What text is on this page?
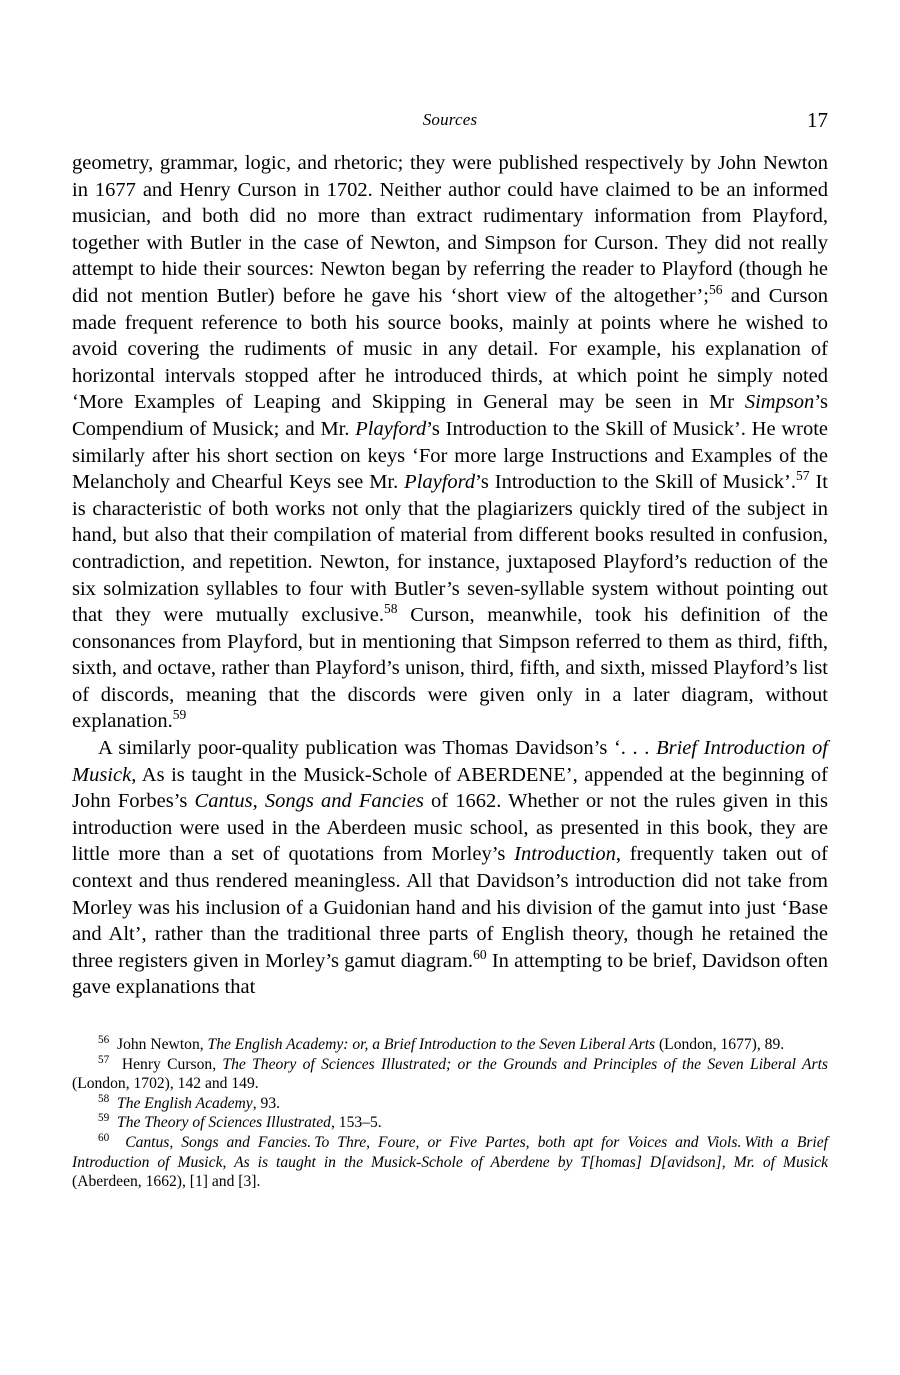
Sources	17

geometry, grammar, logic, and rhetoric; they were published respectively by John Newton in 1677 and Henry Curson in 1702. Neither author could have claimed to be an informed musician, and both did no more than extract rudimentary information from Playford, together with Butler in the case of Newton, and Simpson for Curson. They did not really attempt to hide their sources: Newton began by referring the reader to Playford (though he did not mention Butler) before he gave his ‘short view of the altogether’;$^{56}$ and Curson made frequent reference to both his source books, mainly at points where he wished to avoid covering the rudiments of music in any detail. For example, his explanation of horizontal intervals stopped after he introduced thirds, at which point he simply noted ‘More Examples of Leaping and Skipping in General may be seen in Mr Simpson’s Compendium of Musick; and Mr. Playford’s Introduction to the Skill of Musick’. He wrote similarly after his short section on keys ‘For more large Instructions and Examples of the Melancholy and Chearful Keys see Mr. Playford’s Introduction to the Skill of Musick’.$^{57}$ It is characteristic of both works not only that the plagiarizers quickly tired of the subject in hand, but also that their compilation of material from different books resulted in confusion, contradiction, and repetition. Newton, for instance, juxtaposed Playford’s reduction of the six solmization syllables to four with Butler’s seven-syllable system without pointing out that they were mutually exclusive.$^{58}$ Curson, meanwhile, took his definition of the consonances from Playford, but in mentioning that Simpson referred to them as third, fifth, sixth, and octave, rather than Playford’s unison, third, fifth, and sixth, missed Playford’s list of discords, meaning that the discords were given only in a later diagram, without explanation.$^{59}$

A similarly poor-quality publication was Thomas Davidson’s ‘. . . Brief Introduction of Musick, As is taught in the Musick-Schole of ABERDENE’, appended at the beginning of John Forbes’s Cantus, Songs and Fancies of 1662. Whether or not the rules given in this introduction were used in the Aberdeen music school, as presented in this book, they are little more than a set of quotations from Morley’s Introduction, frequently taken out of context and thus rendered meaningless. All that Davidson’s introduction did not take from Morley was his inclusion of a Guidonian hand and his division of the gamut into just ‘Base and Alt’, rather than the traditional three parts of English theory, though he retained the three registers given in Morley’s gamut diagram.$^{60}$ In attempting to be brief, Davidson often gave explanations that

$^{56}$  John Newton, The English Academy: or, a Brief Introduction to the Seven Liberal Arts (London, 1677), 89.

$^{57}$  Henry Curson, The Theory of Sciences Illustrated; or the Grounds and Principles of the Seven Liberal Arts (London, 1702), 142 and 149.

$^{58}$ The English Academy, 93.

$^{59}$ The Theory of Sciences Illustrated, 153–5.

$^{60}$ Cantus, Songs and Fancies. To Thre, Foure, or Five Partes, both apt for Voices and Viols. With a Brief Introduction of Musick, As is taught in the Musick-Schole of Aberdene by T[homas] D[avidson], Mr. of Musick (Aberdeen, 1662), [1] and [3].
